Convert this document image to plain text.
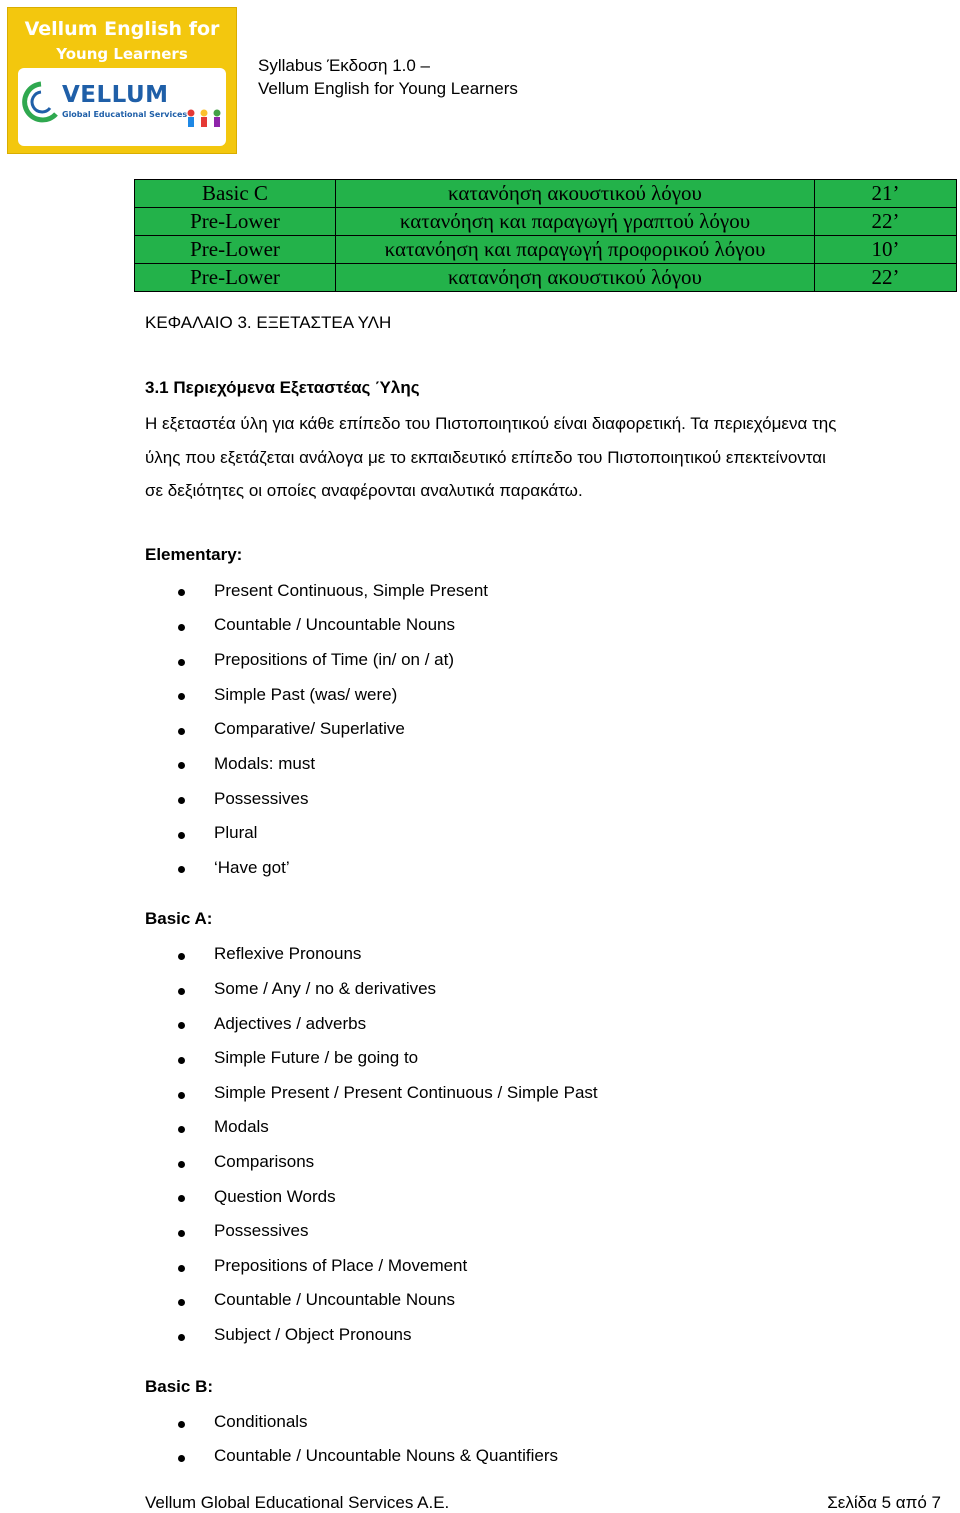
Vellum English for
Young Learners
VELLUM
Global Educational Services
Syllabus Έκδοση 1.0 –
Vellum English for Young Learners
Basic C	κατανόηση ακουστικού λόγου	21’
Pre-Lower	κατανόηση και παραγωγή γραπτού λόγου	22’
Pre-Lower	κατανόηση και παραγωγή προφορικού λόγου	10’
Pre-Lower	κατανόηση ακουστικού λόγου	22’
ΚΕΦΑΛΑΙΟ 3. ΕΞΕΤΑΣΤΕΑ ΥΛΗ
3.1 Περιεχόμενα Εξεταστέας Ύλης
Η εξεταστέα ύλη για κάθε επίπεδο του Πιστοποιητικού είναι διαφορετική. Τα περιεχόμενα της
ύλης που εξετάζεται ανάλογα με το εκπαιδευτικό επίπεδο του Πιστοποιητικού επεκτείνονται
σε δεξιότητες οι οποίες αναφέρονται αναλυτικά παρακάτω.
Elementary:
Present Continuous, Simple Present
Countable / Uncountable Nouns
Prepositions of Time (in/ on / at)
Simple Past (was/ were)
Comparative/ Superlative
Modals: must
Possessives
Plural
‘Have got’
Basic A:
Reflexive Pronouns
Some / Any / no & derivatives
Adjectives / adverbs
Simple Future / be going to
Simple Present / Present Continuous / Simple Past
Modals
Comparisons
Question Words
Possessives
Prepositions of Place / Movement
Countable / Uncountable Nouns
Subject / Object Pronouns
Basic B:
Conditionals
Countable / Uncountable Nouns & Quantifiers
Vellum Global Educational Services A.E.	Σελίδα 5 από 7
